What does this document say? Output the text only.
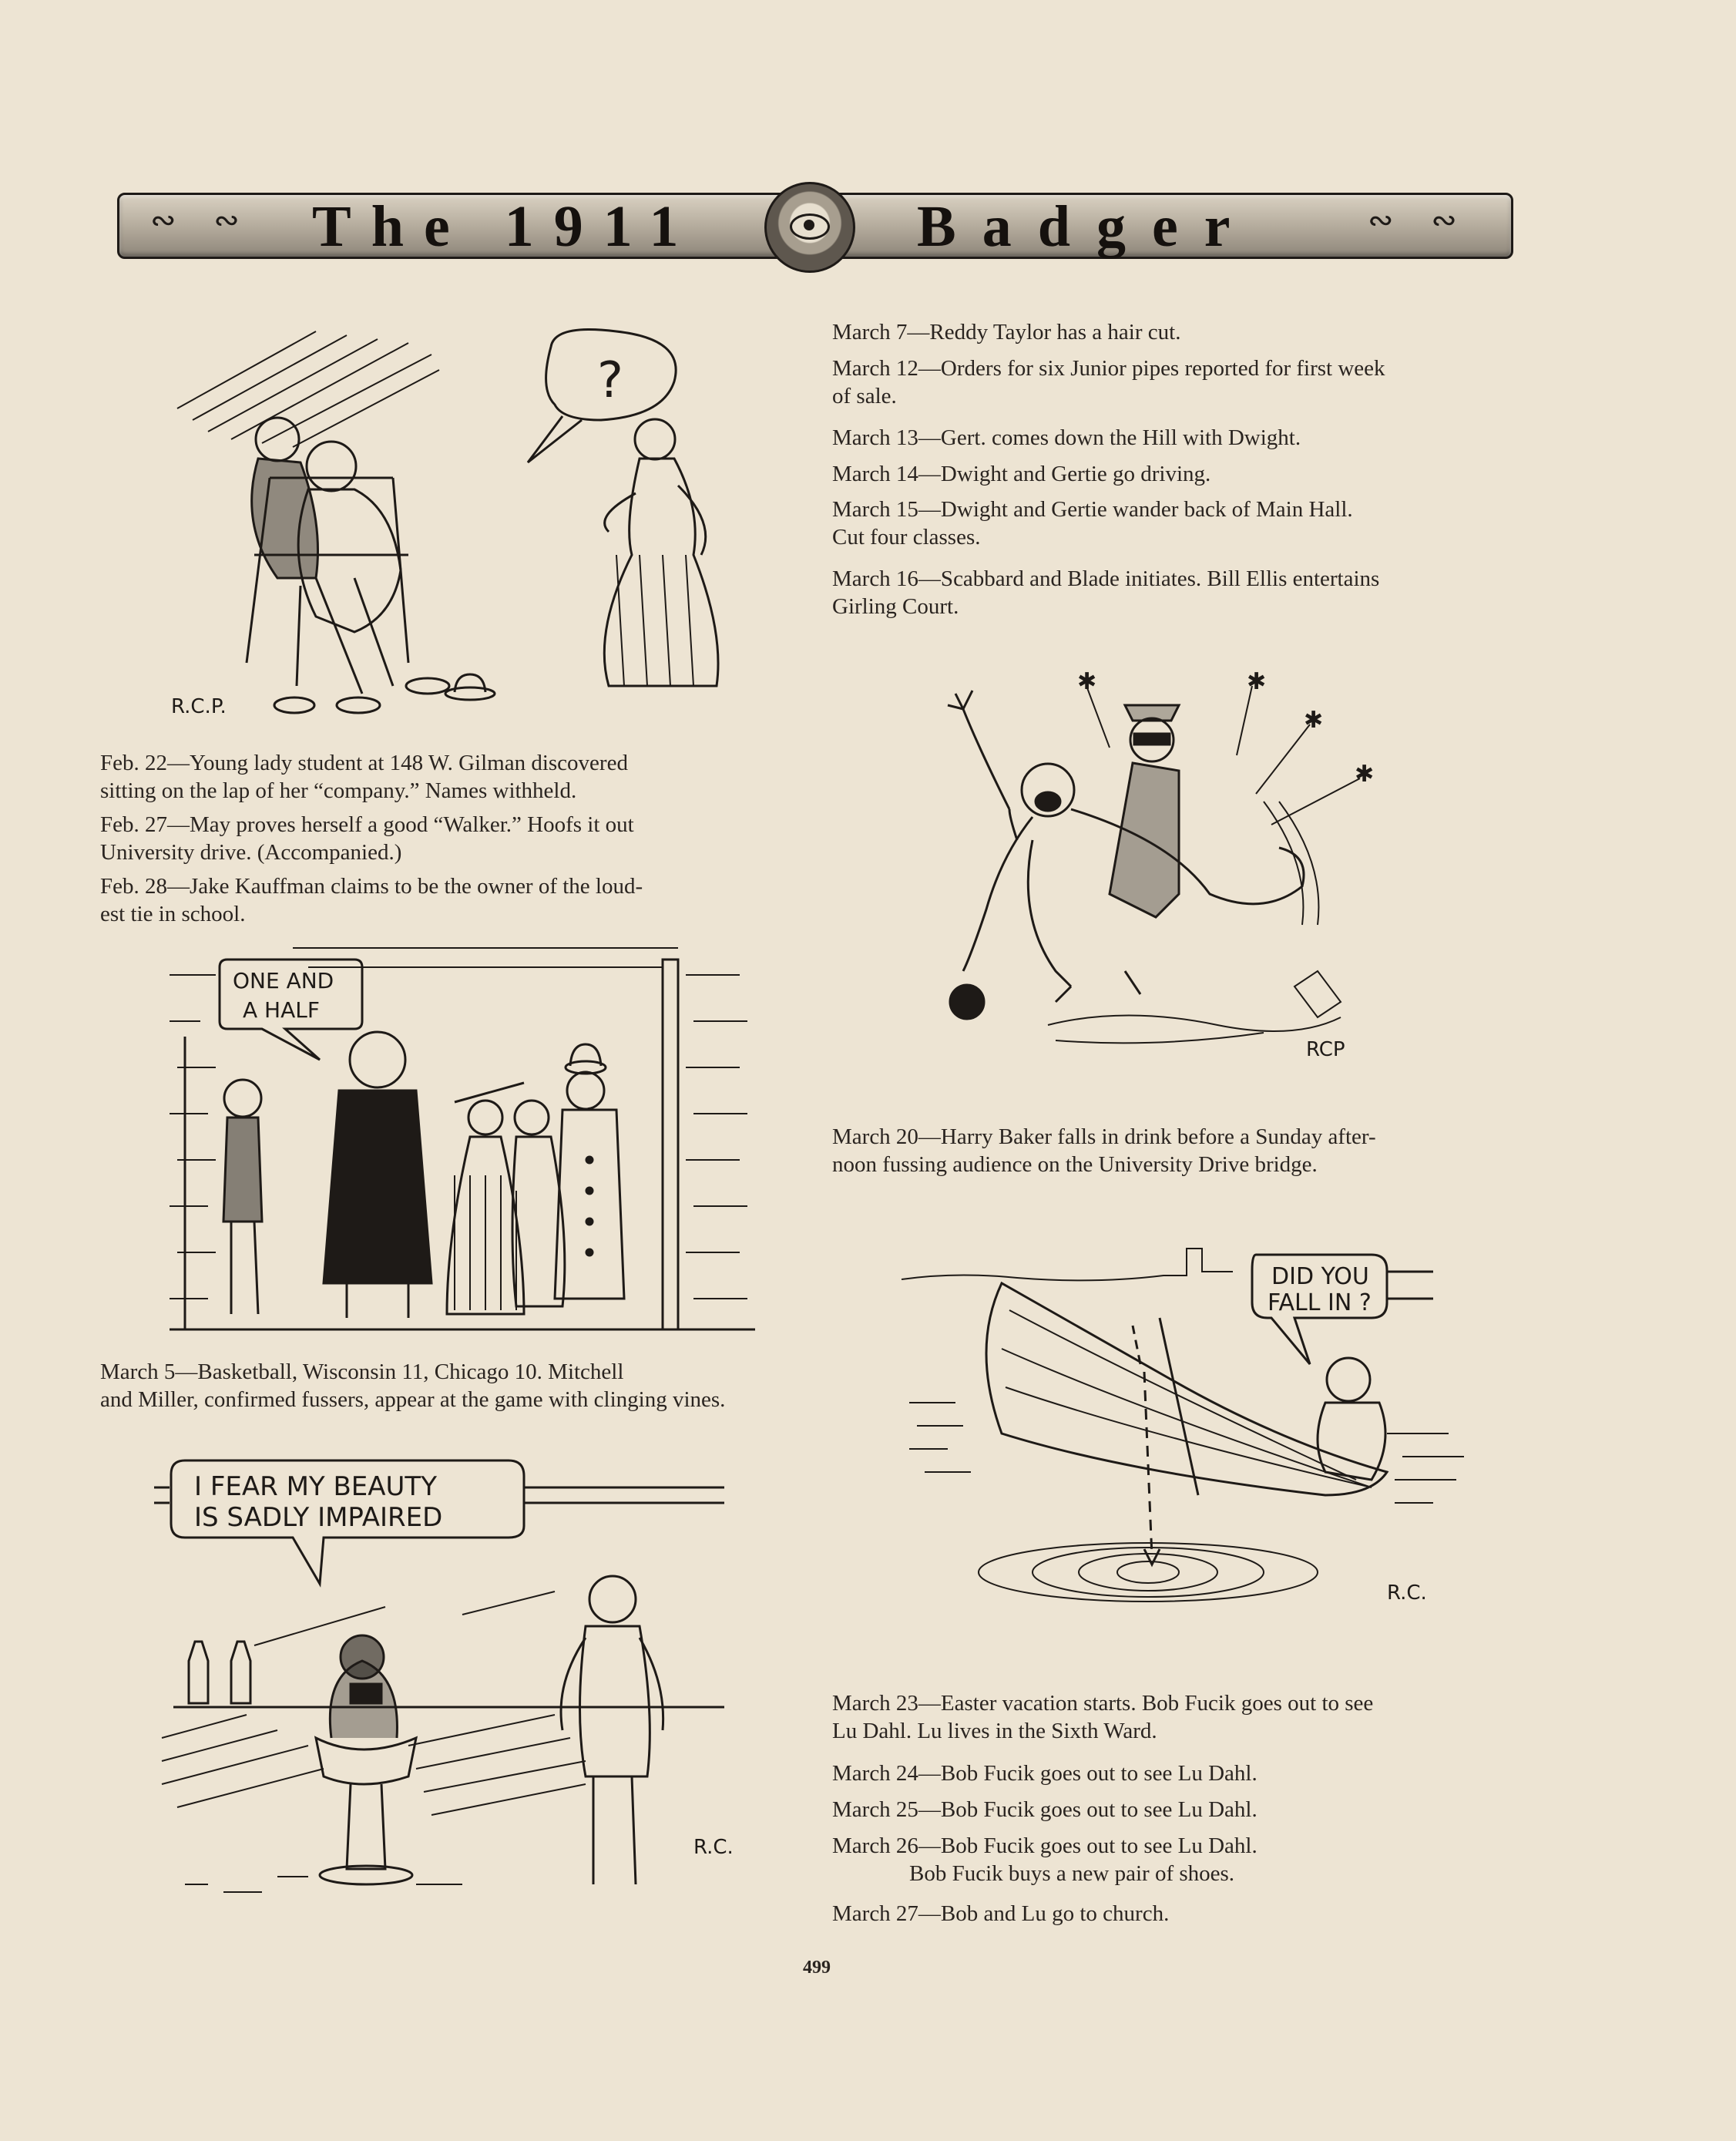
∾ ∾ The 1911	Badger	∾ ∾
?
R.C.P.
Feb. 22—Young lady student at 148 W. Gilman discovered
sitting on the lap of her “company.” Names withheld.
Feb. 27—May proves herself a good “Walker.” Hoofs it out
University drive. (Accompanied.)
Feb. 28—Jake Kauffman claims to be the owner of the loud-
est tie in school.
ONE AND
A HALF
March 5—Basketball, Wisconsin 11, Chicago 10. Mitchell
and Miller, confirmed fussers, appear at the game with clinging vines.
I FEAR MY BEAUTY
IS SADLY IMPAIRED
R.C.
March 7—Reddy Taylor has a hair cut.
March 12—Orders for six Junior pipes reported for first week
of sale.
March 13—Gert. comes down the Hill with Dwight.
March 14—Dwight and Gertie go driving.
March 15—Dwight and Gertie wander back of Main Hall.
Cut four classes.
March 16—Scabbard and Blade initiates. Bill Ellis entertains
Girling Court.
✱	✱
✱
✱
RCP
March 20—Harry Baker falls in drink before a Sunday after-
noon fussing audience on the University Drive bridge.
DID YOU
FALL IN ?
R.C.
March 23—Easter vacation starts. Bob Fucik goes out to see
Lu Dahl. Lu lives in the Sixth Ward.
March 24—Bob Fucik goes out to see Lu Dahl.
March 25—Bob Fucik goes out to see Lu Dahl.
March 26—Bob Fucik goes out to see Lu Dahl.
Bob Fucik buys a new pair of shoes.
March 27—Bob and Lu go to church.
499
